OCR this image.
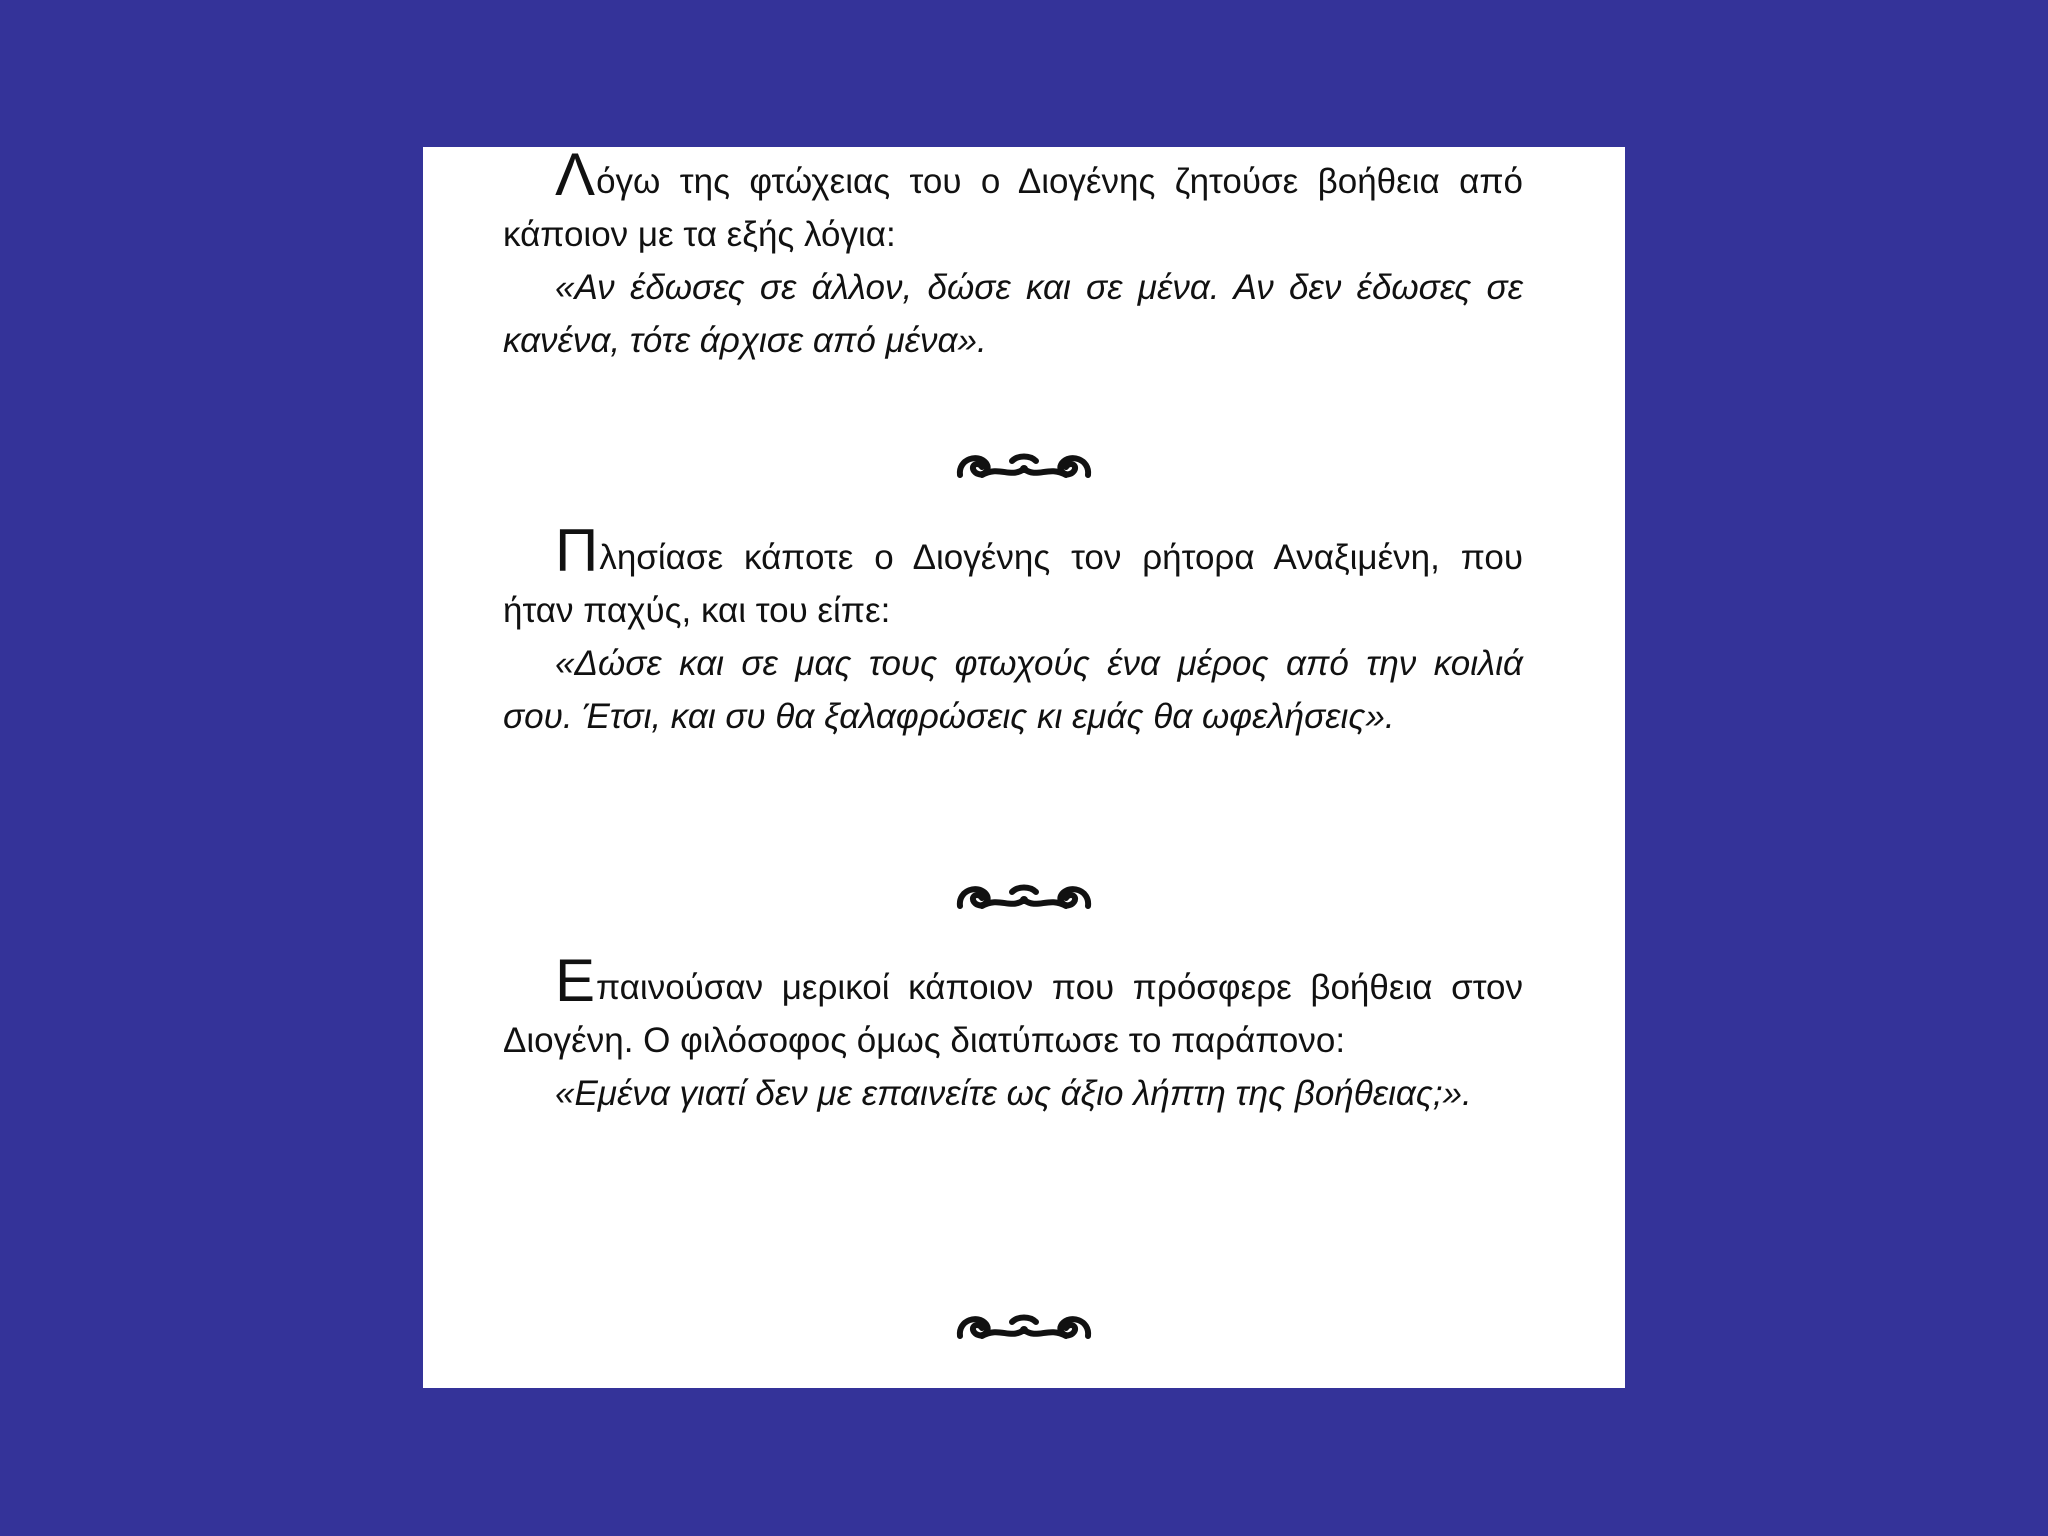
Λόγω της φτώχειας του ο Διογένης ζητούσε βοήθεια από κάποιον με τα εξής λόγια:

«Αν έδωσες σε άλλον, δώσε και σε μένα. Αν δεν έδωσες σε κανένα, τότε άρχισε από μένα».

Πλησίασε κάποτε ο Διογένης τον ρήτορα Αναξιμένη, που ήταν παχύς, και του είπε:

«Δώσε και σε μας τους φτωχούς ένα μέρος από την κοιλιά σου. Έτσι, και συ θα ξαλαφρώσεις κι εμάς θα ωφελήσεις».

Επαινούσαν μερικοί κάποιον που πρόσφερε βοήθεια στον Διογένη. Ο φιλόσοφος όμως διατύπωσε το παράπονο:

«Εμένα γιατί δεν με επαινείτε ως άξιο λήπτη της βοήθειας;».
